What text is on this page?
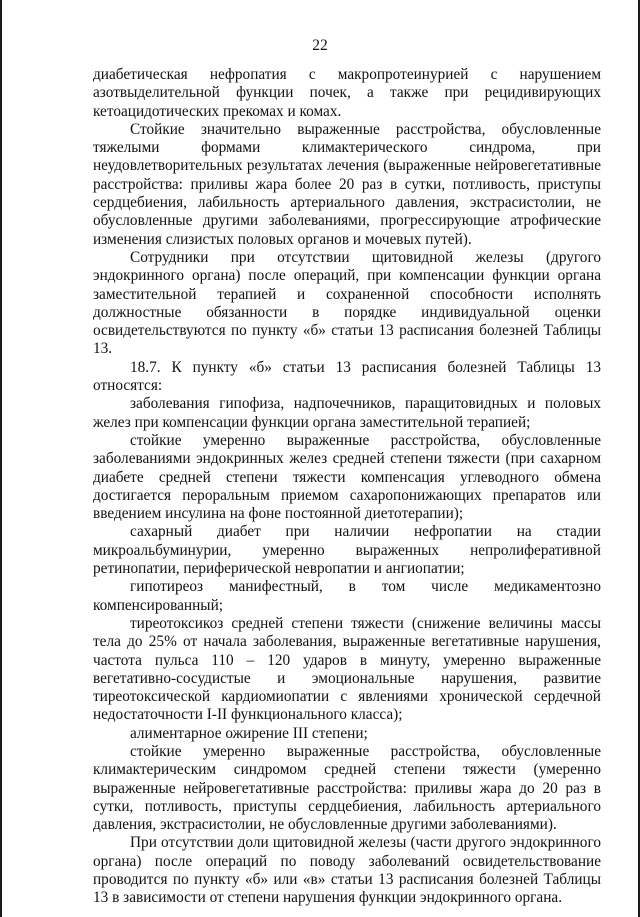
22

диабетическая нефропатия с макропротеинурией с нарушением азотвыделительной функции почек, а также при рецидивирующих кетоацидотических прекомах и комах.

Стойкие значительно выраженные расстройства, обусловленные тяжелыми формами климактерического синдрома, при неудовлетворительных результатах лечения (выраженные нейровегетативные расстройства: приливы жара более 20 раз в сутки, потливость, приступы сердцебиения, лабильность артериального давления, экстрасистолии, не обусловленные другими заболеваниями, прогрессирующие атрофические изменения слизистых половых органов и мочевых путей).

Сотрудники при отсутствии щитовидной железы (другого эндокринного органа) после операций, при компенсации функции органа заместительной терапией и сохраненной способности исполнять должностные обязанности в порядке индивидуальной оценки освидетельствуются по пункту «б» статьи 13 расписания болезней Таблицы 13.

18.7. К пункту «б» статьи 13 расписания болезней Таблицы 13 относятся:

заболевания гипофиза, надпочечников, паращитовидных и половых желез при компенсации функции органа заместительной терапией;

стойкие умеренно выраженные расстройства, обусловленные заболеваниями эндокринных желез средней степени тяжести (при сахарном диабете средней степени тяжести компенсация углеводного обмена достигается пероральным приемом сахаропонижающих препаратов или введением инсулина на фоне постоянной диетотерапии);

сахарный диабет при наличии нефропатии на стадии микроальбуминурии, умеренно выраженных непролиферативной ретинопатии, периферической невропатии и ангиопатии;

гипотиреоз манифестный, в том числе медикаментозно компенсированный;

тиреотоксикоз средней степени тяжести (снижение величины массы тела до 25% от начала заболевания, выраженные вегетативные нарушения, частота пульса 110 – 120 ударов в минуту, умеренно выраженные вегетативно-сосудистые и эмоциональные нарушения, развитие тиреотоксической кардиомиопатии с явлениями хронической сердечной недостаточности I-II функционального класса);

алиментарное ожирение III степени;

стойкие умеренно выраженные расстройства, обусловленные климактерическим синдромом средней степени тяжести (умеренно выраженные нейровегетативные расстройства: приливы жара до 20 раз в сутки, потливость, приступы сердцебиения, лабильность артериального давления, экстрасистолии, не обусловленные другими заболеваниями).

При отсутствии доли щитовидной железы (части другого эндокринного органа) после операций по поводу заболеваний освидетельствование проводится по пункту «б» или «в» статьи 13 расписания болезней Таблицы 13 в зависимости от степени нарушения функции эндокринного органа.
